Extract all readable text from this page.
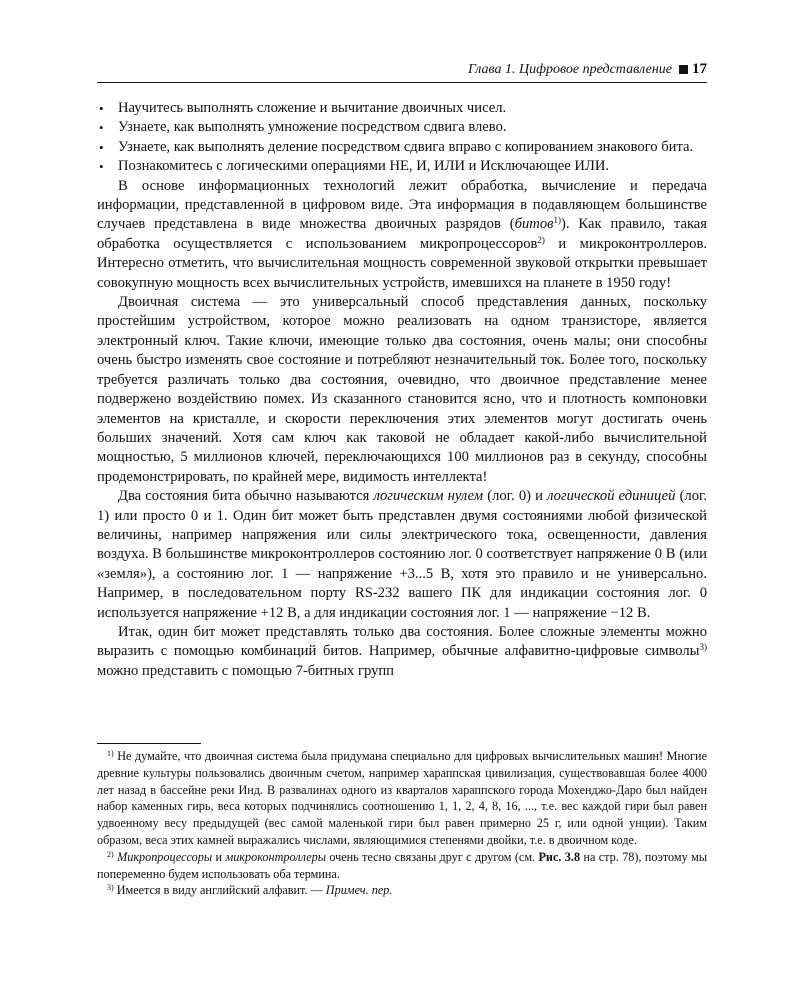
Глава 1. Цифровое представление 17
• Научитесь выполнять сложение и вычитание двоичных чисел.
• Узнаете, как выполнять умножение посредством сдвига влево.
• Узнаете, как выполнять деление посредством сдвига вправо с копированием знакового бита.
• Познакомитесь с логическими операциями НЕ, И, ИЛИ и Исключающее ИЛИ.

В основе информационных технологий лежит обработка, вычисление и передача информации, представленной в цифровом виде. Эта информация в подавляющем большинстве случаев представлена в виде множества двоичных разрядов (битов$^{1)}$). Как правило, такая обработка осуществляется с использованием микропроцессоров$^{2)}$ и микроконтроллеров. Интересно отметить, что вычислительная мощность современной звуковой открытки превышает совокупную мощность всех вычислительных устройств, имевшихся на планете в 1950 году!

Двоичная система — это универсальный способ представления данных, поскольку простейшим устройством, которое можно реализовать на одном транзисторе, является электронный ключ. Такие ключи, имеющие только два состояния, очень малы; они способны очень быстро изменять свое состояние и потребляют незначительный ток. Более того, поскольку требуется различать только два состояния, очевидно, что двоичное представление менее подвержено воздействию помех. Из сказанного становится ясно, что и плотность компоновки элементов на кристалле, и скорости переключения этих элементов могут достигать очень больших значений. Хотя сам ключ как таковой не обладает какой-либо вычислительной мощностью, 5 миллионов ключей, переключающихся 100 миллионов раз в секунду, способны продемонстрировать, по крайней мере, видимость интеллекта!

Два состояния бита обычно называются логическим нулем (лог. 0) и логической единицей (лог. 1) или просто 0 и 1. Один бит может быть представлен двумя состояниями любой физической величины, например напряжения или силы электрического тока, освещенности, давления воздуха. В большинстве микроконтроллеров состоянию лог. 0 соответствует напряжение 0 В (или «земля»), а состоянию лог. 1 — напряжение +3...5 В, хотя это правило и не универсально. Например, в последовательном порту RS-232 вашего ПК для индикации состояния лог. 0 используется напряжение +12 В, а для индикации состояния лог. 1 — напряжение −12 В.

Итак, один бит может представлять только два состояния. Более сложные элементы можно выразить с помощью комбинаций битов. Например, обычные алфавитно-цифровые символы$^{3)}$ можно представить с помощью 7-битных групп

$^{1)}$ Не думайте, что двоичная система была придумана специально для цифровых вычислительных машин! Многие древние культуры пользовались двоичным счетом, например хараппская цивилизация, существовавшая более 4000 лет назад в бассейне реки Инд. В развалинах одного из кварталов хараппского города Мохенджо-Даро был найден набор каменных гирь, веса которых подчинялись соотношению 1, 1, 2, 4, 8, 16, ..., т.е. вес каждой гири был равен удвоенному весу предыдущей (вес самой маленькой гири был равен примерно 25 г, или одной унции). Таким образом, веса этих камней выражались числами, являющимися степенями двойки, т.е. в двоичном коде.

$^{2)}$ Микропроцессоры и микроконтроллеры очень тесно связаны друг с другом (см. Рис. 3.8 на стр. 78), поэтому мы попеременно будем использовать оба термина.

$^{3)}$ Имеется в виду английский алфавит. — Примеч. пер.
